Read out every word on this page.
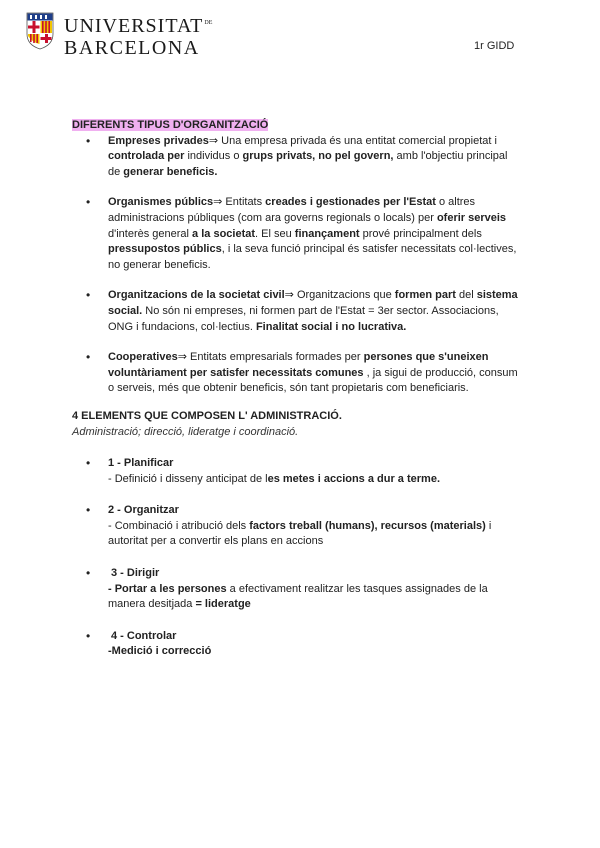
$UNIVERSITAT^{DE}$
BARCELONA	1r GIDD
DIFERENTS TIPUS D'ORGANITZACIÓ
• Empreses privades⇒ Una empresa privada és una entitat comercial propietat i controlada per individus o grups privats, no pel govern, amb l'objectiu principal de generar beneficis.
• Organismes públics⇒ Entitats creades i gestionades per l'Estat o altres administracions públiques (com ara governs regionals o locals) per oferir serveis d'interès general a la societat. El seu finançament prové principalment dels pressupostos públics, i la seva funció principal és satisfer necessitats col·lectives, no generar beneficis.
• Organitzacions de la societat civil⇒ Organitzacions que formen part del sistema social. No són ni empreses, ni formen part de l'Estat = 3er sector. Associacions, ONG i fundacions, col·lectius. Finalitat social i no lucrativa.
• Cooperatives⇒ Entitats empresarials formades per persones que s'uneixen voluntàriament per satisfer necessitats comunes , ja sigui de producció, consum o serveis, més que obtenir beneficis, són tant propietaris com beneficiaris.
4 ELEMENTS QUE COMPOSEN L' ADMINISTRACIÓ.
Administració; direcció, lideratge i coordinació.
• 1 - Planificar
- Definició i disseny anticipat de les metes i accions a dur a terme.
• 2 - Organitzar
- Combinació i atribució dels factors treball (humans), recursos (materials) i autoritat per a convertir els plans en accions
• 3 - Dirigir
- Portar a les persones a efectivament realitzar les tasques assignades de la manera desitjada = lideratge
• 4 - Controlar
-Medició i correcció
